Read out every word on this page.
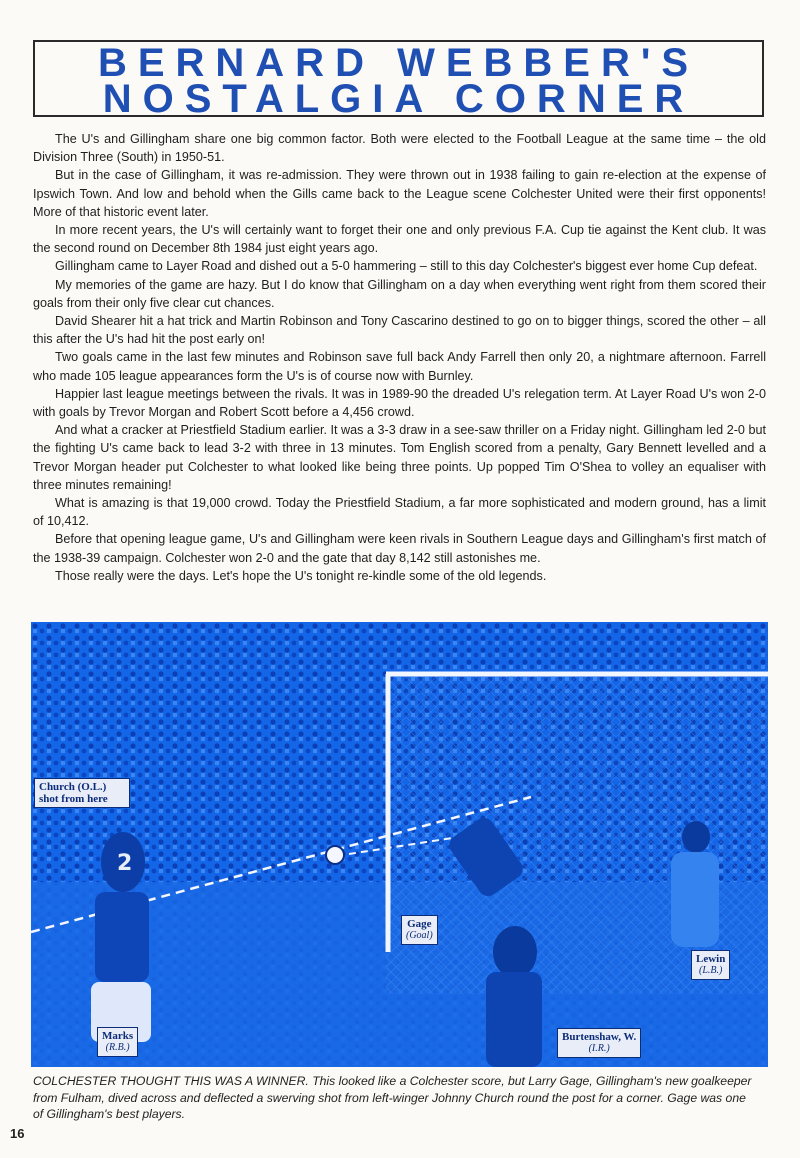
BERNARD WEBBER'S
NOSTALGIA CORNER

The U's and Gillingham share one big common factor. Both were elected to the Football League at the same time – the old Division Three (South) in 1950-51.

But in the case of Gillingham, it was re-admission. They were thrown out in 1938 failing to gain re-election at the expense of Ipswich Town. And low and behold when the Gills came back to the League scene Colchester United were their first opponents! More of that historic event later.

In more recent years, the U's will certainly want to forget their one and only previous F.A. Cup tie against the Kent club. It was the second round on December 8th 1984 just eight years ago.

Gillingham came to Layer Road and dished out a 5-0 hammering – still to this day Colchester's biggest ever home Cup defeat.

My memories of the game are hazy. But I do know that Gillingham on a day when everything went right from them scored their goals from their only five clear cut chances.

David Shearer hit a hat trick and Martin Robinson and Tony Cascarino destined to go on to bigger things, scored the other – all this after the U's had hit the post early on!

Two goals came in the last few minutes and Robinson save full back Andy Farrell then only 20, a nightmare afternoon. Farrell who made 105 league appearances form the U's is of course now with Burnley.

Happier last league meetings between the rivals. It was in 1989-90 the dreaded U's relegation term. At Layer Road U's won 2-0 with goals by Trevor Morgan and Robert Scott before a 4,456 crowd.

And what a cracker at Priestfield Stadium earlier. It was a 3-3 draw in a see-saw thriller on a Friday night. Gillingham led 2-0 but the fighting U's came back to lead 3-2 with three in 13 minutes. Tom English scored from a penalty, Gary Bennett levelled and a Trevor Morgan header put Colchester to what looked like being three points. Up popped Tim O'Shea to volley an equaliser with three minutes remaining!

What is amazing is that 19,000 crowd. Today the Priestfield Stadium, a far more sophisticated and modern ground, has a limit of 10,412.

Before that opening league game, U's and Gillingham were keen rivals in Southern League days and Gillingham's first match of the 1938-39 campaign. Colchester won 2-0 and the gate that day 8,142 still astonishes me.

Those really were the days. Let's hope the U's tonight re-kindle some of the old legends.

2
Church (O.L.) shot from here
Gage
(Goal)
Lewin
(L.B.)
Marks
(R.B.)
Burtenshaw, W.
(I.R.)
COLCHESTER THOUGHT THIS WAS A WINNER. This looked like a Colchester score, but Larry Gage, Gillingham's new goalkeeper from Fulham, dived across and deflected a swerving shot from left-winger Johnny Church round the post for a corner. Gage was one of Gillingham's best players.
16
